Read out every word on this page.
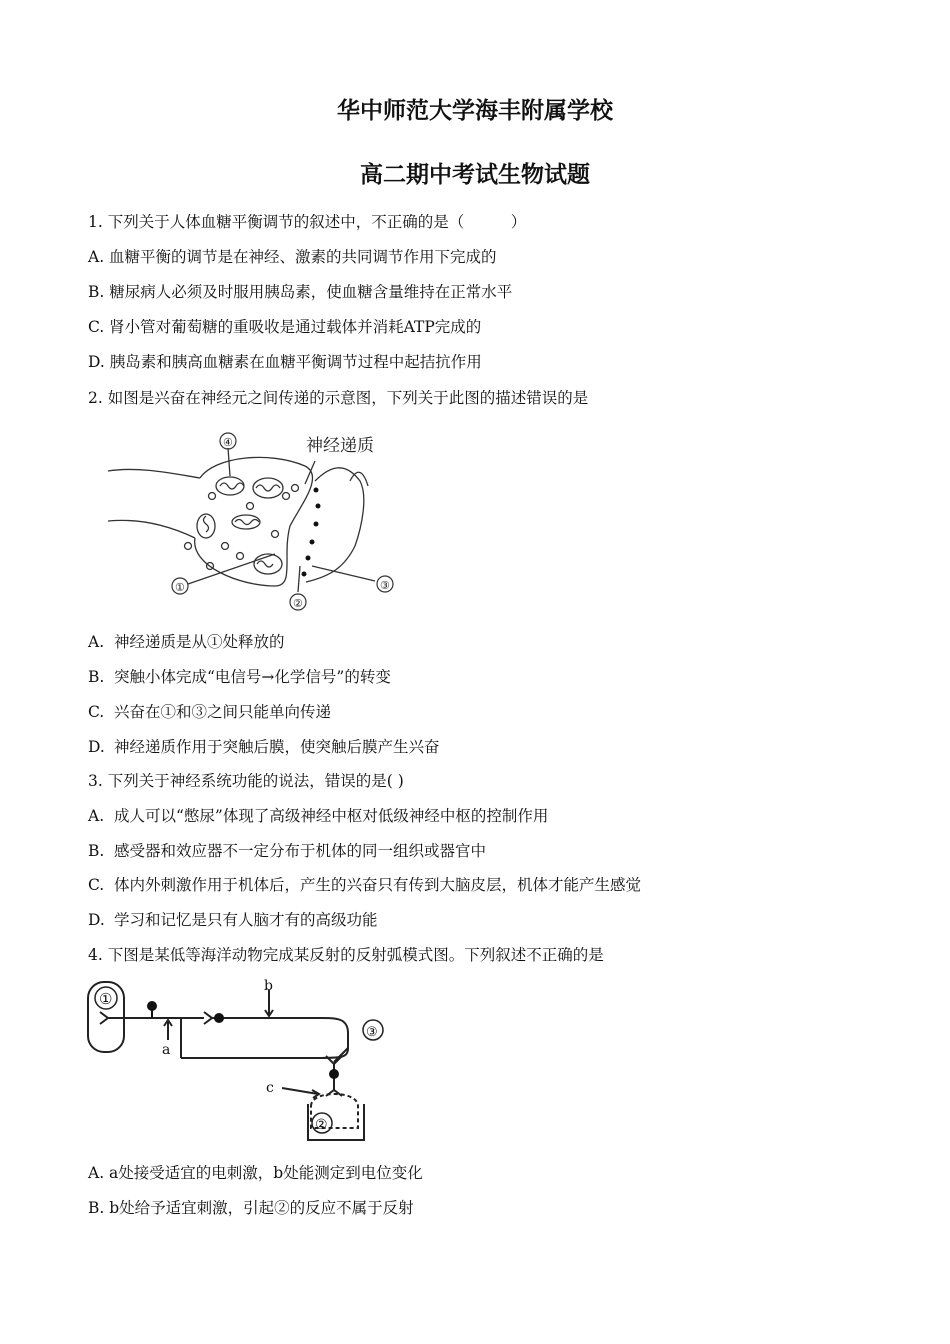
华中师范大学海丰附属学校
高二期中考试生物试题
1. 下列关于人体血糖平衡调节的叙述中，不正确的是（　　　）
A. 血糖平衡的调节是在神经、激素的共同调节作用下完成的
B. 糖尿病人必须及时服用胰岛素，使血糖含量维持在正常水平
C. 肾小管对葡萄糖的重吸收是通过载体并消耗ATP完成的
D. 胰岛素和胰高血糖素在血糖平衡调节过程中起拮抗作用
2. 如图是兴奋在神经元之间传递的示意图，下列关于此图的描述错误的是
神经递质
④
①
②
③
A. 神经递质是从①处释放的
B. 突触小体完成“电信号→化学信号”的转变
C. 兴奋在①和③之间只能单向传递
D. 神经递质作用于突触后膜，使突触后膜产生兴奋
3. 下列关于神经系统功能的说法，错误的是( )
A. 成人可以“憋尿”体现了高级神经中枢对低级神经中枢的控制作用
B. 感受器和效应器不一定分布于机体的同一组织或器官中
C. 体内外刺激作用于机体后，产生的兴奋只有传到大脑皮层，机体才能产生感觉
D. 学习和记忆是只有人脑才有的高级功能
4. 下图是某低等海洋动物完成某反射的反射弧模式图。下列叙述不正确的是
①
②
③
a
b
c
A. a处接受适宜的电刺激，b处能测定到电位变化
B. b处给予适宜刺激，引起②的反应不属于反射
